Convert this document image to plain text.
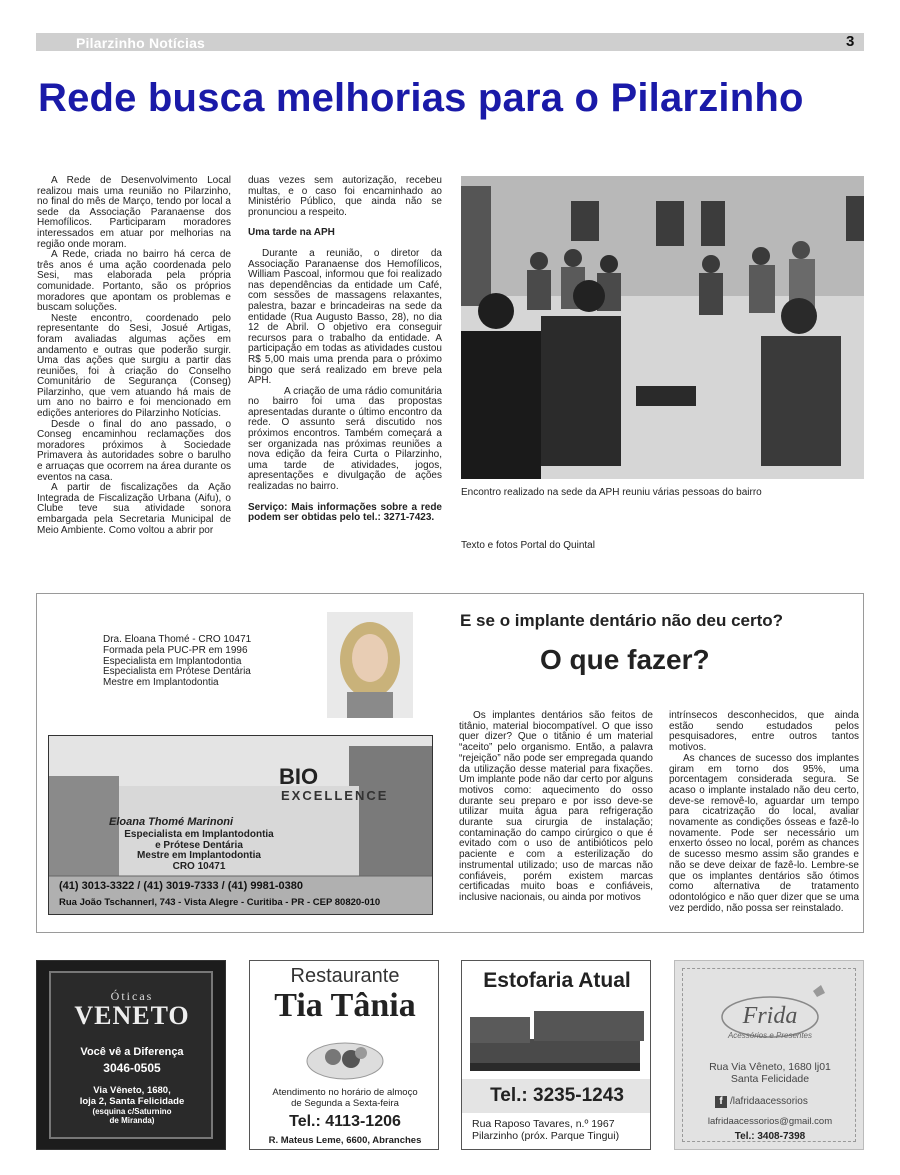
Pilarzinho Notícias	3
Rede busca melhorias para o Pilarzinho

A Rede de Desenvolvimento Local realizou mais uma reunião no Pilarzinho, no final do mês de Março, tendo por local a sede da Associação Paranaense dos Hemofílicos. Participaram moradores interessados em atuar por melhorias na região onde moram.

A Rede, criada no bairro há cerca de três anos é uma ação coordenada pelo Sesi, mas elaborada pela própria comunidade. Portanto, são os próprios moradores que apontam os problemas e buscam soluções.

Neste encontro, coordenado pelo representante do Sesi, Josué Artigas, foram avaliadas algumas ações em andamento e outras que poderão surgir. Uma das ações que surgiu a partir das reuniões, foi à criação do Conselho Comunitário de Segurança (Conseg) Pilarzinho, que vem atuando há mais de um ano no bairro e foi mencionado em edições anteriores do Pilarzinho Notícias.

Desde o final do ano passado, o Conseg encaminhou reclamações dos moradores próximos à Sociedade Primavera às autoridades sobre o barulho e arruaças que ocorrem na área durante os eventos na casa.

A partir de fiscalizações da Ação Integrada de Fiscalização Urbana (Aifu), o Clube teve sua atividade sonora embargada pela Secretaria Municipal de Meio Ambiente. Como voltou a abrir por

duas vezes sem autorização, recebeu multas, e o caso foi encaminhado ao Ministério Público, que ainda não se pronunciou a respeito.

Uma tarde na APH

Durante a reunião, o diretor da Associação Paranaense dos Hemofílicos, William Pascoal, informou que foi realizado nas dependências da entidade um Café, com sessões de massagens relaxantes, palestra, bazar e brincadeiras na sede da entidade (Rua Augusto Basso, 28), no dia 12 de Abril. O objetivo era conseguir recursos para o trabalho da entidade. A participação em todas as atividades custou R$ 5,00 mais uma prenda para o próximo bingo que será realizado em breve pela APH.

A criação de uma rádio comunitária no bairro foi uma das propostas apresentadas durante o último encontro da rede. O assunto será discutido nos próximos encontros. Também começará a ser organizada nas próximas reuniões a nova edição da feira Curta o Pilarzinho, uma tarde de atividades, jogos, apresentações e divulgação de ações realizadas no bairro.

Serviço: Mais informações sobre a rede podem ser obtidas pelo tel.: 3271-7423.

Encontro realizado na sede da APH reuniu várias pessoas do bairro
Texto e fotos Portal do Quintal
Dra. Eloana Thomé - CRO 10471
Formada pela PUC-PR em 1996
Especialista em Implantodontia
Especialista em Prótese Dentária
Mestre em Implantodontia
E se o implante dentário não deu certo?
O que fazer?
BIO
EXCELLENCE
Eloana Thomé Marinoni
Especialista em Implantodontia
e Prótese Dentária
Mestre em Implantodontia
CRO 10471
(41) 3013-3322 / (41) 3019-7333 / (41) 9981-0380
Rua João Tschannerl, 743 - Vista Alegre - Curitiba - PR - CEP 80820-010

Os implantes dentários são feitos de titânio, material biocompatível. O que isso quer dizer? Que o titânio é um material “aceito” pelo organismo. Então, a palavra “rejeição” não pode ser empregada quando da utilização desse material para fixações. Um implante pode não dar certo por alguns motivos como: aquecimento do osso durante seu preparo e por isso deve-se utilizar muita água para refrigeração durante sua cirurgia de instalação; contaminação do campo cirúrgico o que é evitado com o uso de antibióticos pelo paciente e com a esterilização do instrumental utilizado; uso de marcas não confiáveis, porém existem marcas certificadas muito boas e confiáveis, inclusive nacionais, ou ainda por motivos

intrínsecos desconhecidos, que ainda estão sendo estudados pelos pesquisadores, entre outros tantos motivos.

As chances de sucesso dos implantes giram em torno dos 95%, uma porcentagem considerada segura. Se acaso o implante instalado não deu certo, deve-se removê-lo, aguardar um tempo para cicatrização do local, avaliar novamente as condições ósseas e fazê-lo novamente. Pode ser necessário um enxerto ósseo no local, porém as chances de sucesso mesmo assim são grandes e não se deve deixar de fazê-lo. Lembre-se que os implantes dentários são ótimos como alternativa de tratamento odontológico e não quer dizer que se uma vez perdido, não possa ser reinstalado.

Óticas
VENETO
Você vê a Diferença
3046-0505
Via Vêneto, 1680,
loja 2, Santa Felicidade
(esquina c/Saturnino
de Miranda)
Restaurante
Tia Tânia
Atendimento no horário de almoço
de Segunda a Sexta-feira
Tel.: 4113-1206
R. Mateus Leme, 6600, Abranches
Estofaria Atual
Tel.: 3235-1243
Rua Raposo Tavares, n.º 1967
Pilarzinho (próx. Parque Tingui)
Frida
Acessórios e Presentes
Rua Via Vêneto, 1680 lj01
Santa Felicidade
f /lafridaacessorios
lafridaacessorios@gmail.com
Tel.: 3408-7398
